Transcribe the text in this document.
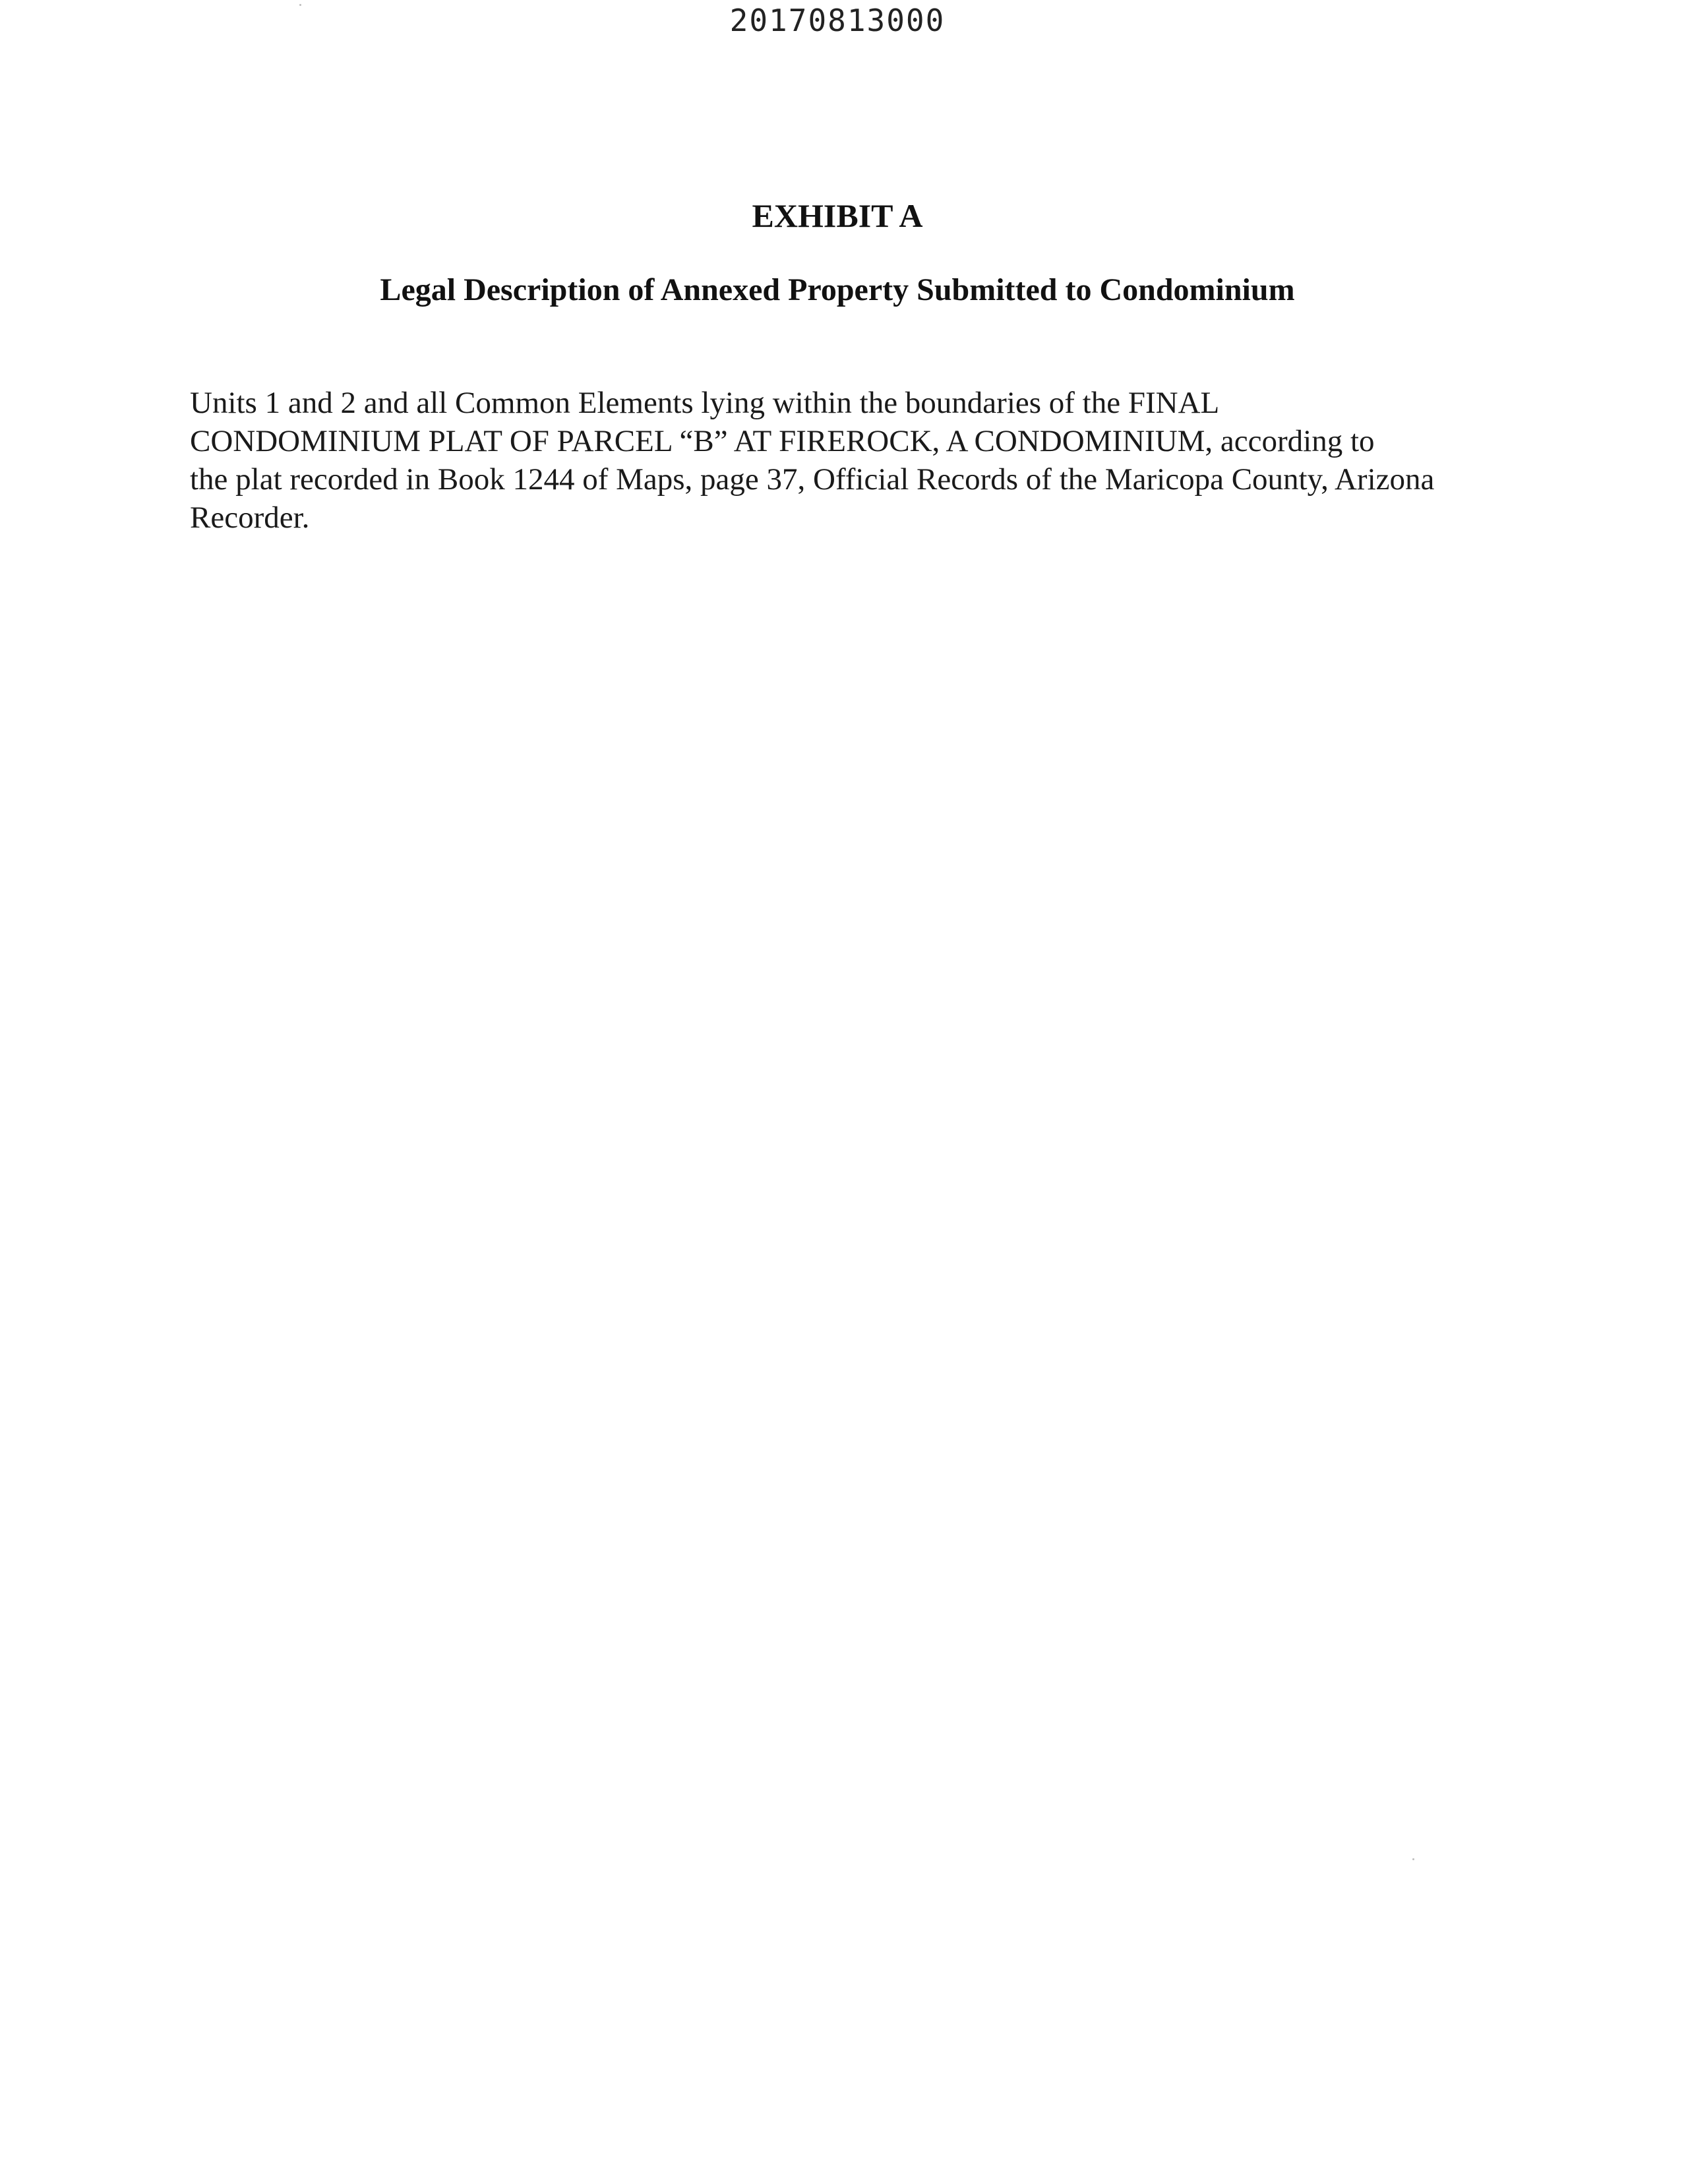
20170813000
EXHIBIT A
Legal Description of Annexed Property Submitted to Condominium
Units 1 and 2 and all Common Elements lying within the boundaries of the FINAL
CONDOMINIUM PLAT OF PARCEL “B” AT FIREROCK, A CONDOMINIUM, according to
the plat recorded in Book 1244 of Maps, page 37, Official Records of the Maricopa County, Arizona
Recorder.
